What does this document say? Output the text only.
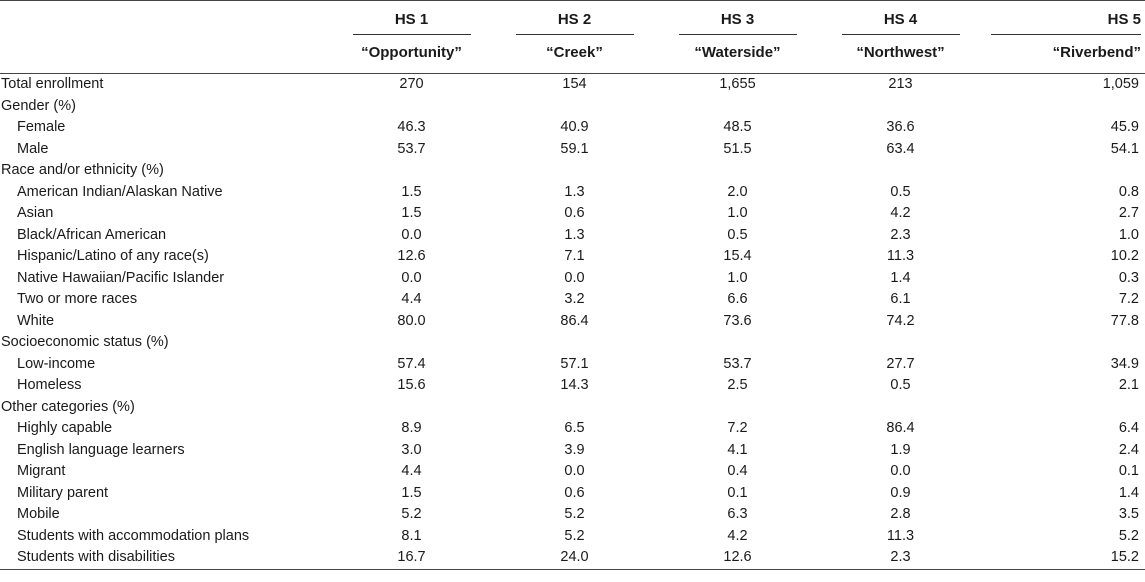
	HS 1	HS 2	HS 3	HS 4	HS 5
	“Opportunity”	“Creek”	“Waterside”	“Northwest”	“Riverbend”

Total enrollment	270	154	1,655	213	1,059
Gender (%)					
Female	46.3	40.9	48.5	36.6	45.9
Male	53.7	59.1	51.5	63.4	54.1
Race and/or ethnicity (%)					
American Indian/Alaskan Native	1.5	1.3	2.0	0.5	0.8
Asian	1.5	0.6	1.0	4.2	2.7
Black/African American	0.0	1.3	0.5	2.3	1.0
Hispanic/Latino of any race(s)	12.6	7.1	15.4	11.3	10.2
Native Hawaiian/Pacific Islander	0.0	0.0	1.0	1.4	0.3
Two or more races	4.4	3.2	6.6	6.1	7.2
White	80.0	86.4	73.6	74.2	77.8
Socioeconomic status (%)					
Low-income	57.4	57.1	53.7	27.7	34.9
Homeless	15.6	14.3	2.5	0.5	2.1
Other categories (%)					
Highly capable	8.9	6.5	7.2	86.4	6.4
English language learners	3.0	3.9	4.1	1.9	2.4
Migrant	4.4	0.0	0.4	0.0	0.1
Military parent	1.5	0.6	0.1	0.9	1.4
Mobile	5.2	5.2	6.3	2.8	3.5
Students with accommodation plans	8.1	5.2	4.2	11.3	5.2
Students with disabilities	16.7	24.0	12.6	2.3	15.2
